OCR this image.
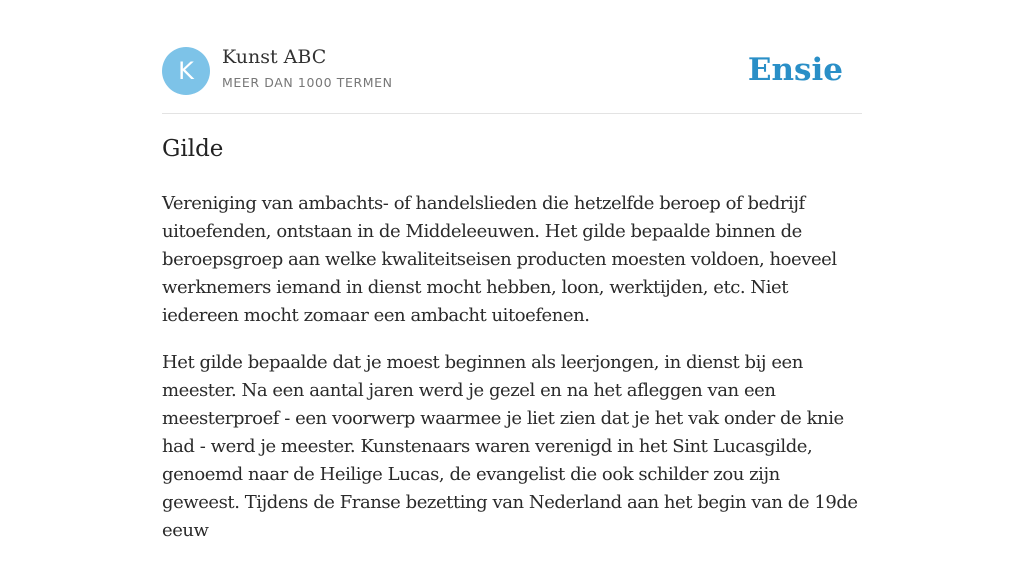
K	Kunst ABC
MEER DAN 1000 TERMEN	Ensie
Gilde

Vereniging van ambachts- of handelslieden die hetzelfde beroep of bedrijf uitoefenden, ontstaan in de Middeleeuwen. Het gilde bepaalde binnen de beroepsgroep aan welke kwaliteitseisen producten moesten voldoen, hoeveel werknemers iemand in dienst mocht hebben, loon, werktijden, etc. Niet iedereen mocht zomaar een ambacht uitoefenen.

Het gilde bepaalde dat je moest beginnen als leerjongen, in dienst bij een meester. Na een aantal jaren werd je gezel en na het afleggen van een meesterproef - een voorwerp waarmee je liet zien dat je het vak onder de knie had - werd je meester. Kunstenaars waren verenigd in het Sint Lucasgilde, genoemd naar de Heilige Lucas, de evangelist die ook schilder zou zijn geweest. Tijdens de Franse bezetting van Nederland aan het begin van de 19de eeuw
